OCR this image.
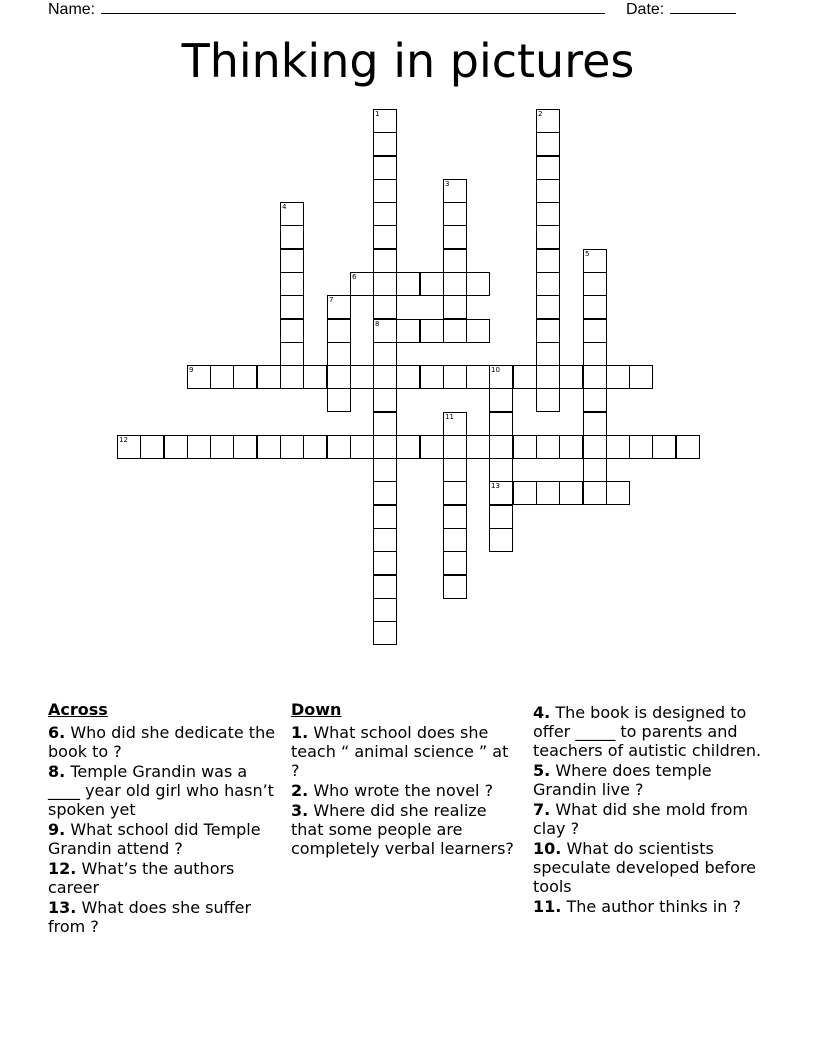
Name:	Date:
Thinking in pictures
1
8
2
3
4
5
6
7
9	10
13
11
12
Across
6. Who did she dedicate the book to ?
8. Temple Grandin was a ____ year old girl who hasn’t spoken yet
9. What school did Temple Grandin attend ?
12. What’s the authors career
13. What does she suffer from ?
Down
1. What school does she teach “ animal science ” at ?
2. Who wrote the novel ?
3. Where did she realize that some people are completely verbal learners?
4. The book is designed to offer _____ to parents and teachers of autistic children.
5. Where does temple Grandin live ?
7. What did she mold from clay ?
10. What do scientists speculate developed before tools
11. The author thinks in ?
